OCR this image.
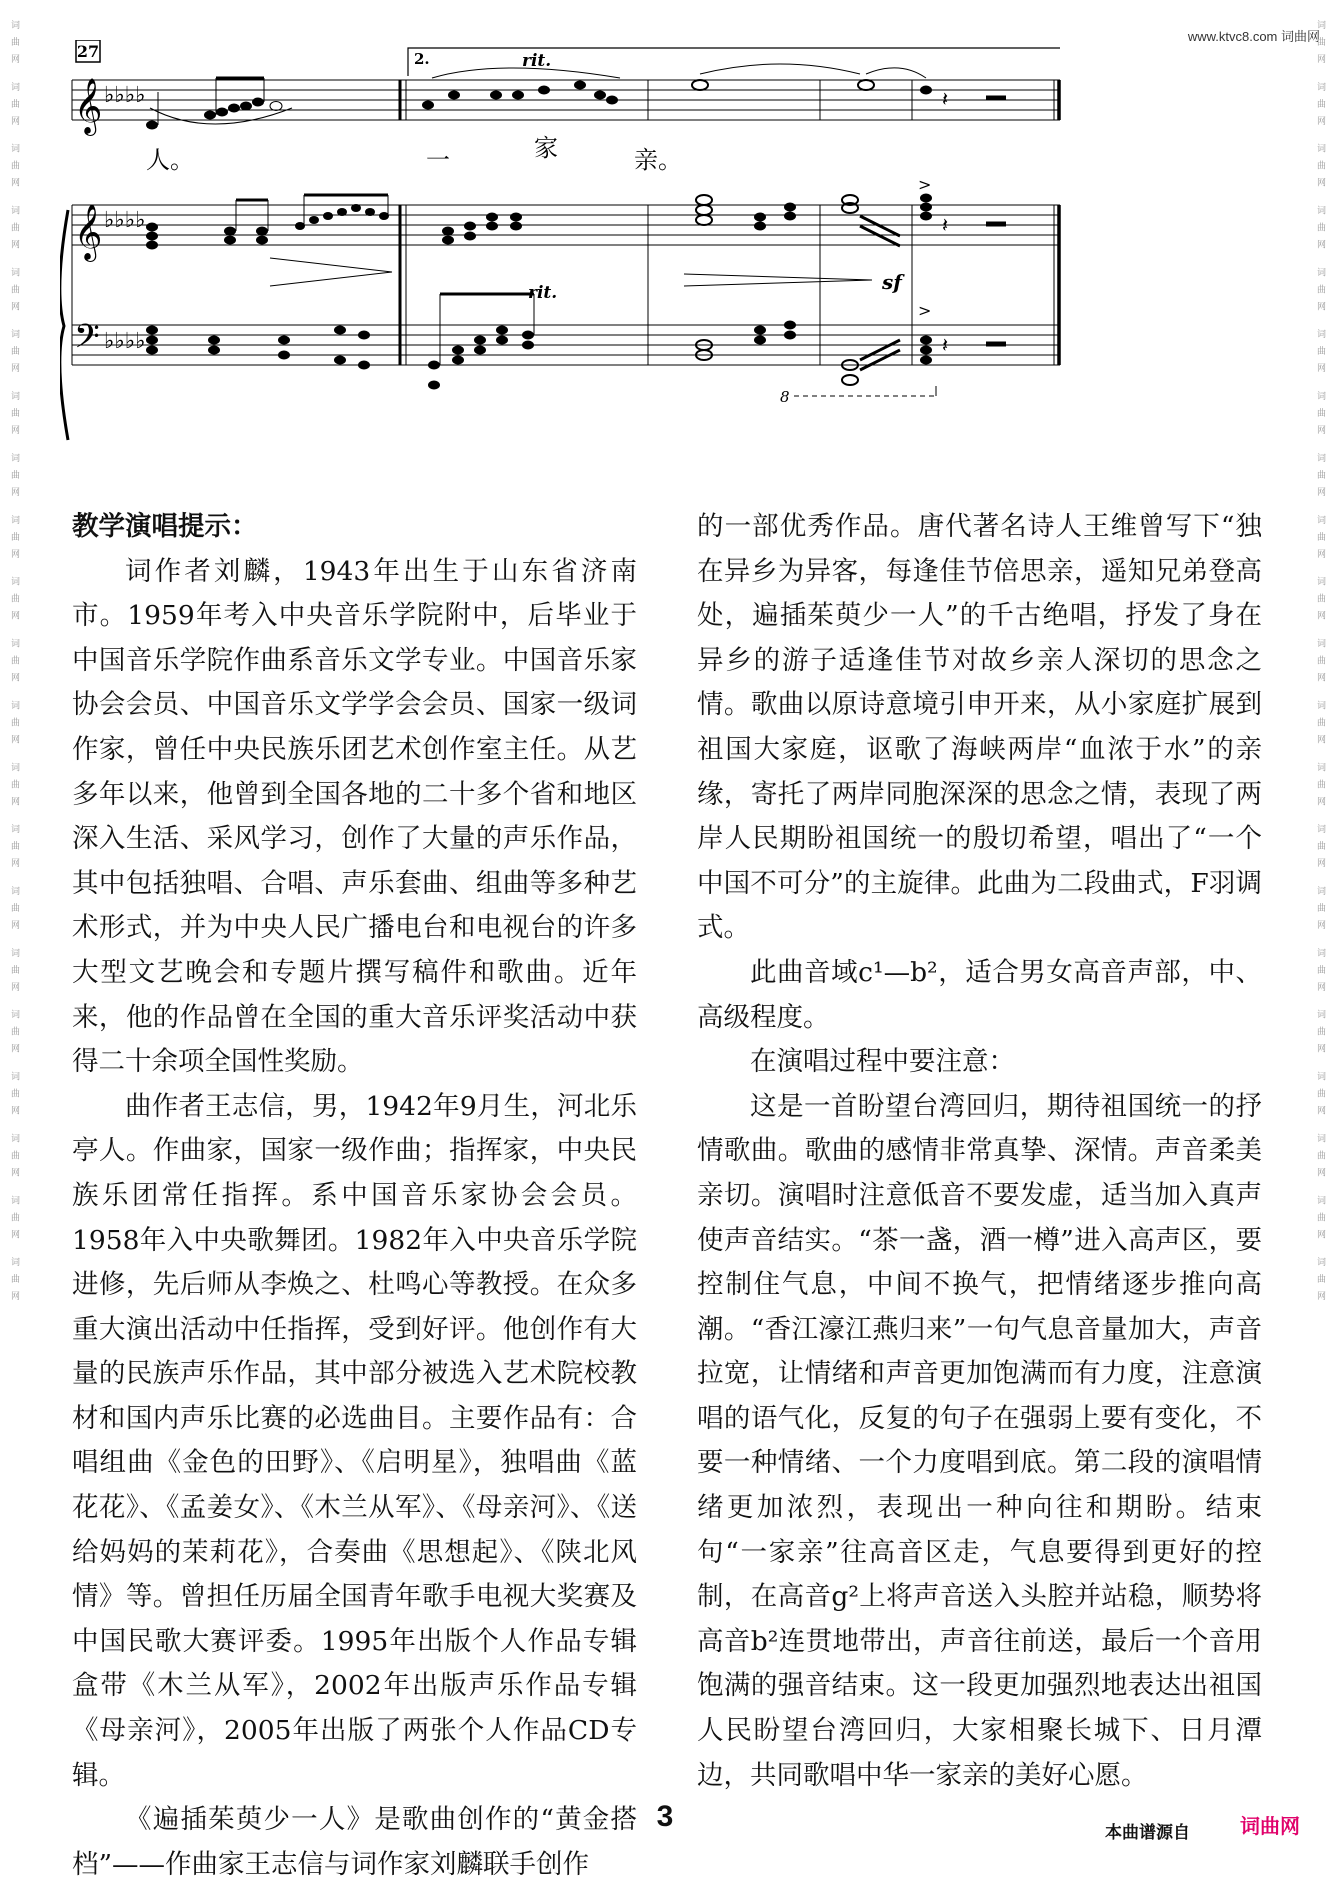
www.ktvc8.com 词曲网
词曲网 词曲网 词曲网 词曲网 词曲网 词曲网 词曲网 词曲网 词曲网 词曲网 词曲网 词曲网 词曲网 词曲网 词曲网 词曲网 词曲网 词曲网 词曲网 词曲网 词曲网	词曲网 词曲网 词曲网 词曲网 词曲网 词曲网 词曲网 词曲网 词曲网 词曲网 词曲网 词曲网 词曲网 词曲网 词曲网 词曲网 词曲网 词曲网 词曲网 词曲网 词曲网
27	2.	rit.
𝄞 ♭♭♭♭	𝄽
人。	一	家	亲。
𝄞 ♭♭♭♭
𝄢 ♭♭♭♭
>
𝄽
rit.	sf
>
𝄽
8

教学演唱提示：

词作者刘麟，1943年出生于山东省济南市。1959年考入中央音乐学院附中，后毕业于中国音乐学院作曲系音乐文学专业。中国音乐家协会会员、中国音乐文学学会会员、国家一级词作家，曾任中央民族乐团艺术创作室主任。从艺多年以来，他曾到全国各地的二十多个省和地区深入生活、采风学习，创作了大量的声乐作品，其中包括独唱、合唱、声乐套曲、组曲等多种艺术形式，并为中央人民广播电台和电视台的许多大型文艺晚会和专题片撰写稿件和歌曲。近年来，他的作品曾在全国的重大音乐评奖活动中获得二十余项全国性奖励。

曲作者王志信，男，1942年9月生，河北乐亭人。作曲家，国家一级作曲；指挥家，中央民族乐团常任指挥。系中国音乐家协会会员。1958年入中央歌舞团。1982年入中央音乐学院进修，先后师从李焕之、杜鸣心等教授。在众多重大演出活动中任指挥，受到好评。他创作有大量的民族声乐作品，其中部分被选入艺术院校教材和国内声乐比赛的必选曲目。主要作品有：合唱组曲《金色的田野》、《启明星》，独唱曲《蓝花花》、《孟姜女》、《木兰从军》、《母亲河》、《送给妈妈的茉莉花》，合奏曲《思想起》、《陕北风情》等。曾担任历届全国青年歌手电视大奖赛及中国民歌大赛评委。1995年出版个人作品专辑盒带《木兰从军》，2002年出版声乐作品专辑《母亲河》，2005年出版了两张个人作品CD专辑。

《遍插茱萸少一人》是歌曲创作的“黄金搭档”——作曲家王志信与词作家刘麟联手创作

的一部优秀作品。唐代著名诗人王维曾写下“独在异乡为异客，每逢佳节倍思亲，遥知兄弟登高处，遍插茱萸少一人”的千古绝唱，抒发了身在异乡的游子适逢佳节对故乡亲人深切的思念之情。歌曲以原诗意境引申开来，从小家庭扩展到祖国大家庭，讴歌了海峡两岸“血浓于水”的亲缘，寄托了两岸同胞深深的思念之情，表现了两岸人民期盼祖国统一的殷切希望，唱出了“一个中国不可分”的主旋律。此曲为二段曲式，F羽调式。

此曲音域c¹—b²，适合男女高音声部，中、高级程度。

在演唱过程中要注意：

这是一首盼望台湾回归，期待祖国统一的抒情歌曲。歌曲的感情非常真挚、深情。声音柔美亲切。演唱时注意低音不要发虚，适当加入真声使声音结实。“茶一盏，酒一樽”进入高声区，要控制住气息，中间不换气，把情绪逐步推向高潮。“香江濠江燕归来”一句气息音量加大，声音拉宽，让情绪和声音更加饱满而有力度，注意演唱的语气化，反复的句子在强弱上要有变化，不要一种情绪、一个力度唱到底。第二段的演唱情绪更加浓烈，表现出一种向往和期盼。结束句“一家亲”往高音区走，气息要得到更好的控制，在高音g²上将声音送入头腔并站稳，顺势将高音b²连贯地带出，声音往前送，最后一个音用饱满的强音结束。这一段更加强烈地表达出祖国人民盼望台湾回归，大家相聚长城下、日月潭边，共同歌唱中华一家亲的美好心愿。

3	本曲谱源自	词曲网
